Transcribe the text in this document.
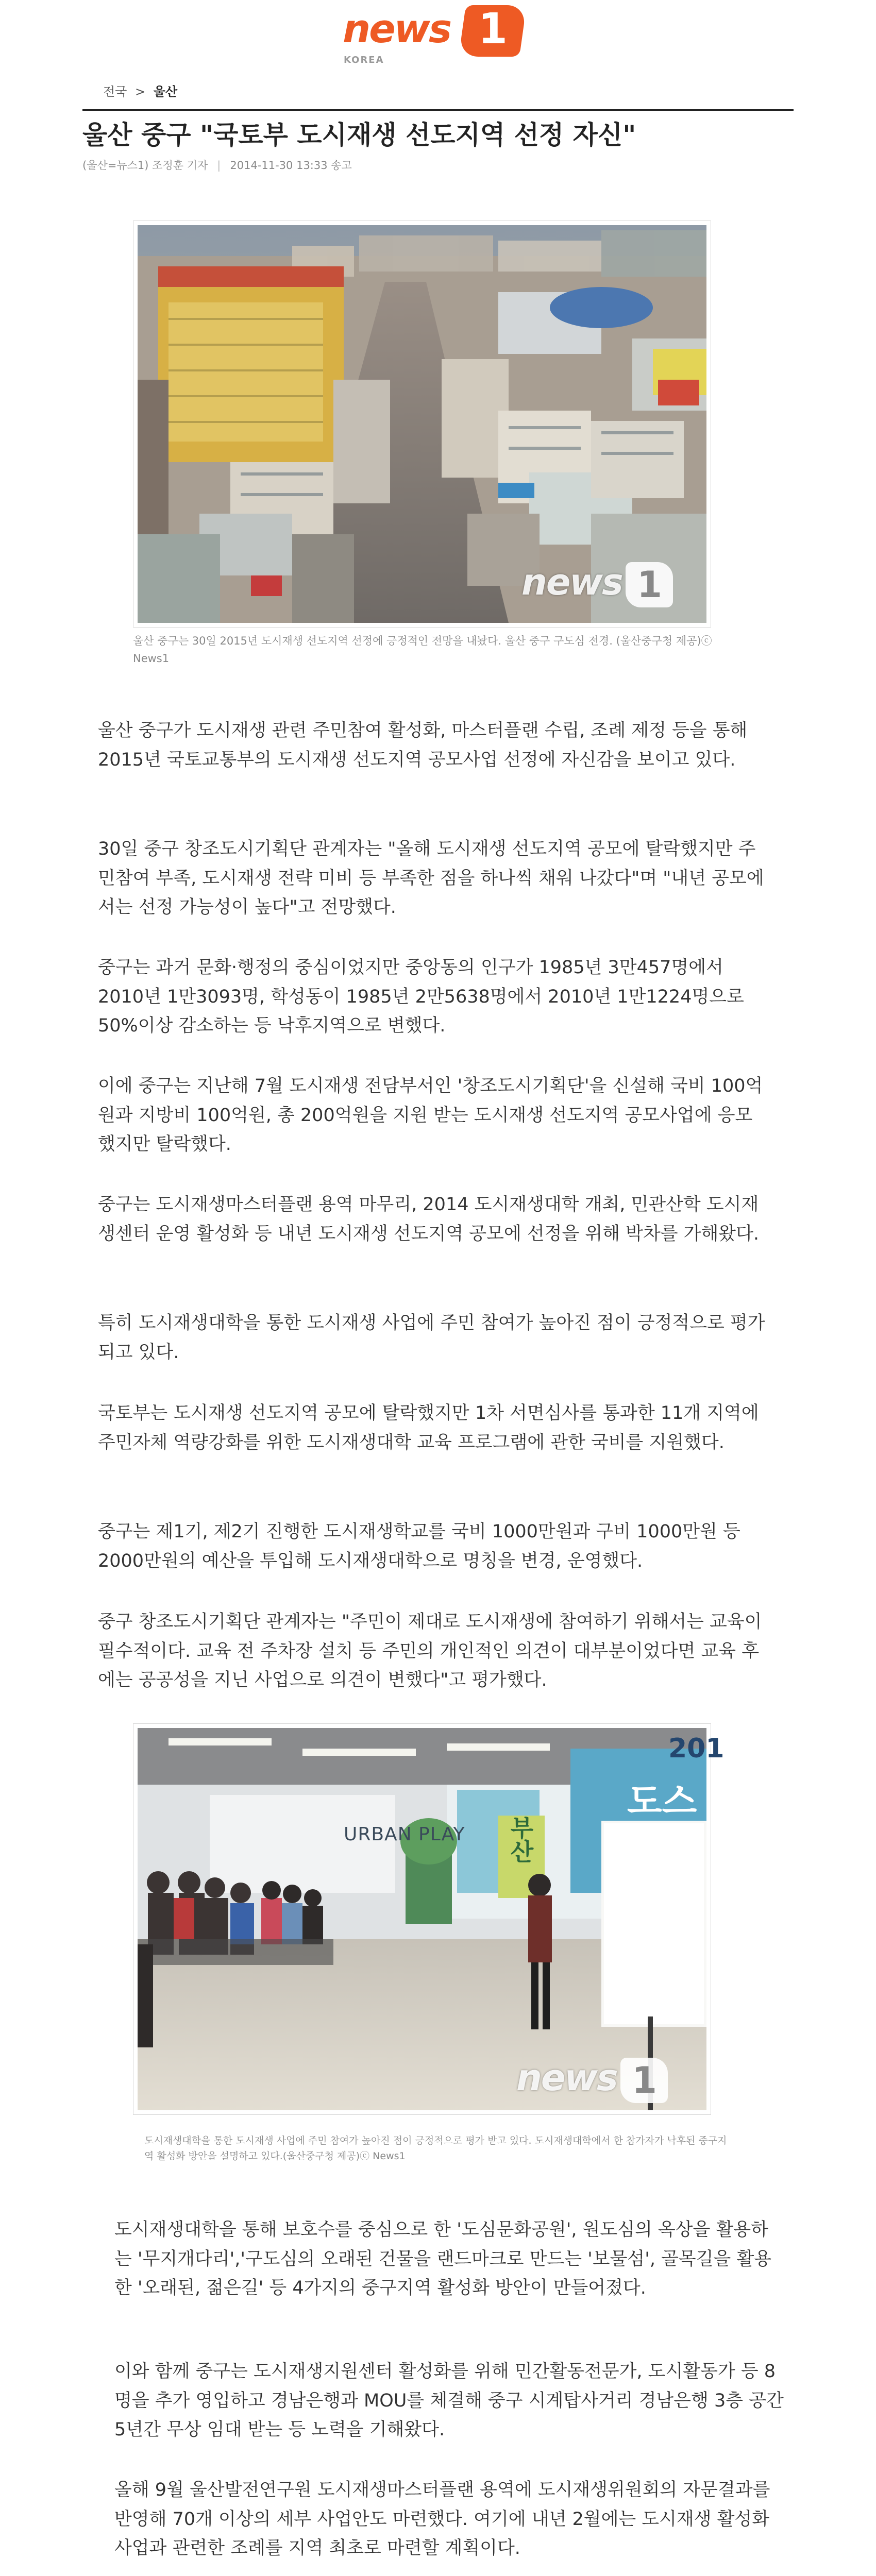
news 1
KOREA
전국 > 울산
울산 중구 "국토부 도시재생 선도지역 선정 자신"
(울산=뉴스1) 조정훈 기자 | 2014-11-30 13:33 송고
news 1
울산 중구는 30일 2015년 도시재생 선도지역 선정에 긍정적인 전망을 내놨다. 울산 중구 구도심 전경. (울산중구청 제공)ⓒ News1
울산 중구가 도시재생 관련 주민참여 활성화, 마스터플랜 수립, 조례 제정 등을 통해 2015년 국토교통부의 도시재생 선도지역 공모사업 선정에 자신감을 보이고 있다.
30일 중구 창조도시기획단 관계자는 "올해 도시재생 선도지역 공모에 탈락했지만 주민참여 부족, 도시재생 전략 미비 등 부족한 점을 하나씩 채워 나갔다"며 "내년 공모에서는 선정 가능성이 높다"고 전망했다.
중구는 과거 문화·행정의 중심이었지만 중앙동의 인구가 1985년 3만457명에서 2010년 1만3093명, 학성동이 1985년 2만5638명에서 2010년 1만1224명으로 50%이상 감소하는 등 낙후지역으로 변했다.
이에 중구는 지난해 7월 도시재생 전담부서인 '창조도시기획단'을 신설해 국비 100억원과 지방비 100억원, 총 200억원을 지원 받는 도시재생 선도지역 공모사업에 응모했지만 탈락했다.
중구는 도시재생마스터플랜 용역 마무리, 2014 도시재생대학 개최, 민관산학 도시재생센터 운영 활성화 등 내년 도시재생 선도지역 공모에 선정을 위해 박차를 가해왔다.
특히 도시재생대학을 통한 도시재생 사업에 주민 참여가 높아진 점이 긍정적으로 평가되고 있다.
국토부는 도시재생 선도지역 공모에 탈락했지만 1차 서면심사를 통과한 11개 지역에 주민자체 역량강화를 위한 도시재생대학 교육 프로그램에 관한 국비를 지원했다.
중구는 제1기, 제2기 진행한 도시재생학교를 국비 1000만원과 구비 1000만원 등 2000만원의 예산을 투입해 도시재생대학으로 명칭을 변경, 운영했다.
중구 창조도시기획단 관계자는 "주민이 제대로 도시재생에 참여하기 위해서는 교육이 필수적이다. 교육 전 주차장 설치 등 주민의 개인적인 의견이 대부분이었다면 교육 후에는 공공성을 지닌 사업으로 의견이 변했다"고 평가했다.
URBAN PLAY
201
도스
부산
news 1
도시재생대학을 통한 도시재생 사업에 주민 참여가 높아진 점이 긍정적으로 평가 받고 있다. 도시재생대학에서 한 참가자가 낙후된 중구지역 활성화 방안을 설명하고 있다.(울산중구청 제공)ⓒ News1
도시재생대학을 통해 보호수를 중심으로 한 '도심문화공원', 원도심의 옥상을 활용하는 '무지개다리','구도심의 오래된 건물을 랜드마크로 만드는 '보물섬', 골목길을 활용한 '오래된, 젊은길' 등 4가지의 중구지역 활성화 방안이 만들어졌다.
이와 함께 중구는 도시재생지원센터 활성화를 위해 민간활동전문가, 도시활동가 등 8명을 추가 영입하고 경남은행과 MOU를 체결해 중구 시계탑사거리 경남은행 3층 공간 5년간 무상 임대 받는 등 노력을 기해왔다.
올해 9월 울산발전연구원 도시재생마스터플랜 용역에 도시재생위원회의 자문결과를 반영해 70개 이상의 세부 사업안도 마련했다. 여기에 내년 2월에는 도시재생 활성화 사업과 관련한 조례를 지역 최초로 마련할 계획이다.
